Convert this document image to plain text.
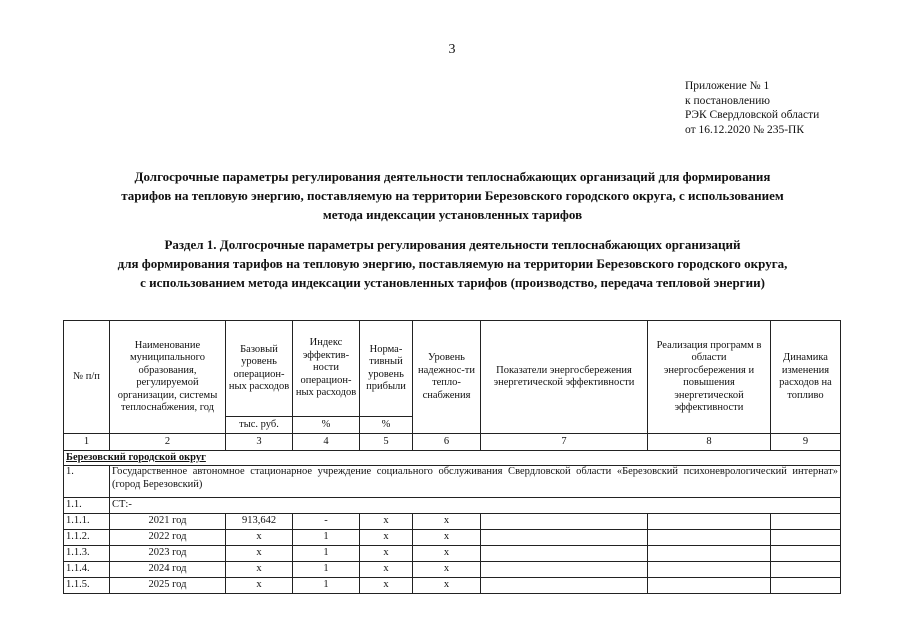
3
Приложение № 1
к постановлению
РЭК Свердловской области
от 16.12.2020 № 235-ПК
Долгосрочные параметры регулирования деятельности теплоснабжающих организаций для формирования
тарифов на тепловую энергию, поставляемую на территории Березовского городского округа, с использованием
метода индексации установленных тарифов
Раздел 1. Долгосрочные параметры регулирования деятельности теплоснабжающих организаций
для формирования тарифов на тепловую энергию, поставляемую на территории Березовского городского округа,
с использованием метода индексации установленных тарифов (производство, передача тепловой энергии)
№ п/п	Наименование муниципального образования, регулируемой организации, системы теплоснабжения, год	Базовый уровень операцион-ных расходов	Индекс эффектив-ности операцион-ных расходов	Норма-тивный уровень прибыли	Уровень надежнос-ти тепло-снабжения	Показатели энергосбережения энергетической эффективности	Реализация программ в области энергосбережения и повышения энергетической эффективности	Динамика изменения расходов на топливо
		тыс. руб.	%	%				
1	2	3	4	5	6	7	8	9
Березовский городской округ								
1.	Государственное автономное стационарное учреждение социального обслуживания Свердловской области «Березовский психоневрологический интернат» (город Березовский)							
1.1.	СТ:-							
1.1.1.	2021 год	913,642	-	х	х			
1.1.2.	2022 год	х	1	х	х			
1.1.3.	2023 год	х	1	х	х			
1.1.4.	2024 год	х	1	х	х			
1.1.5.	2025 год	х	1	х	х			
